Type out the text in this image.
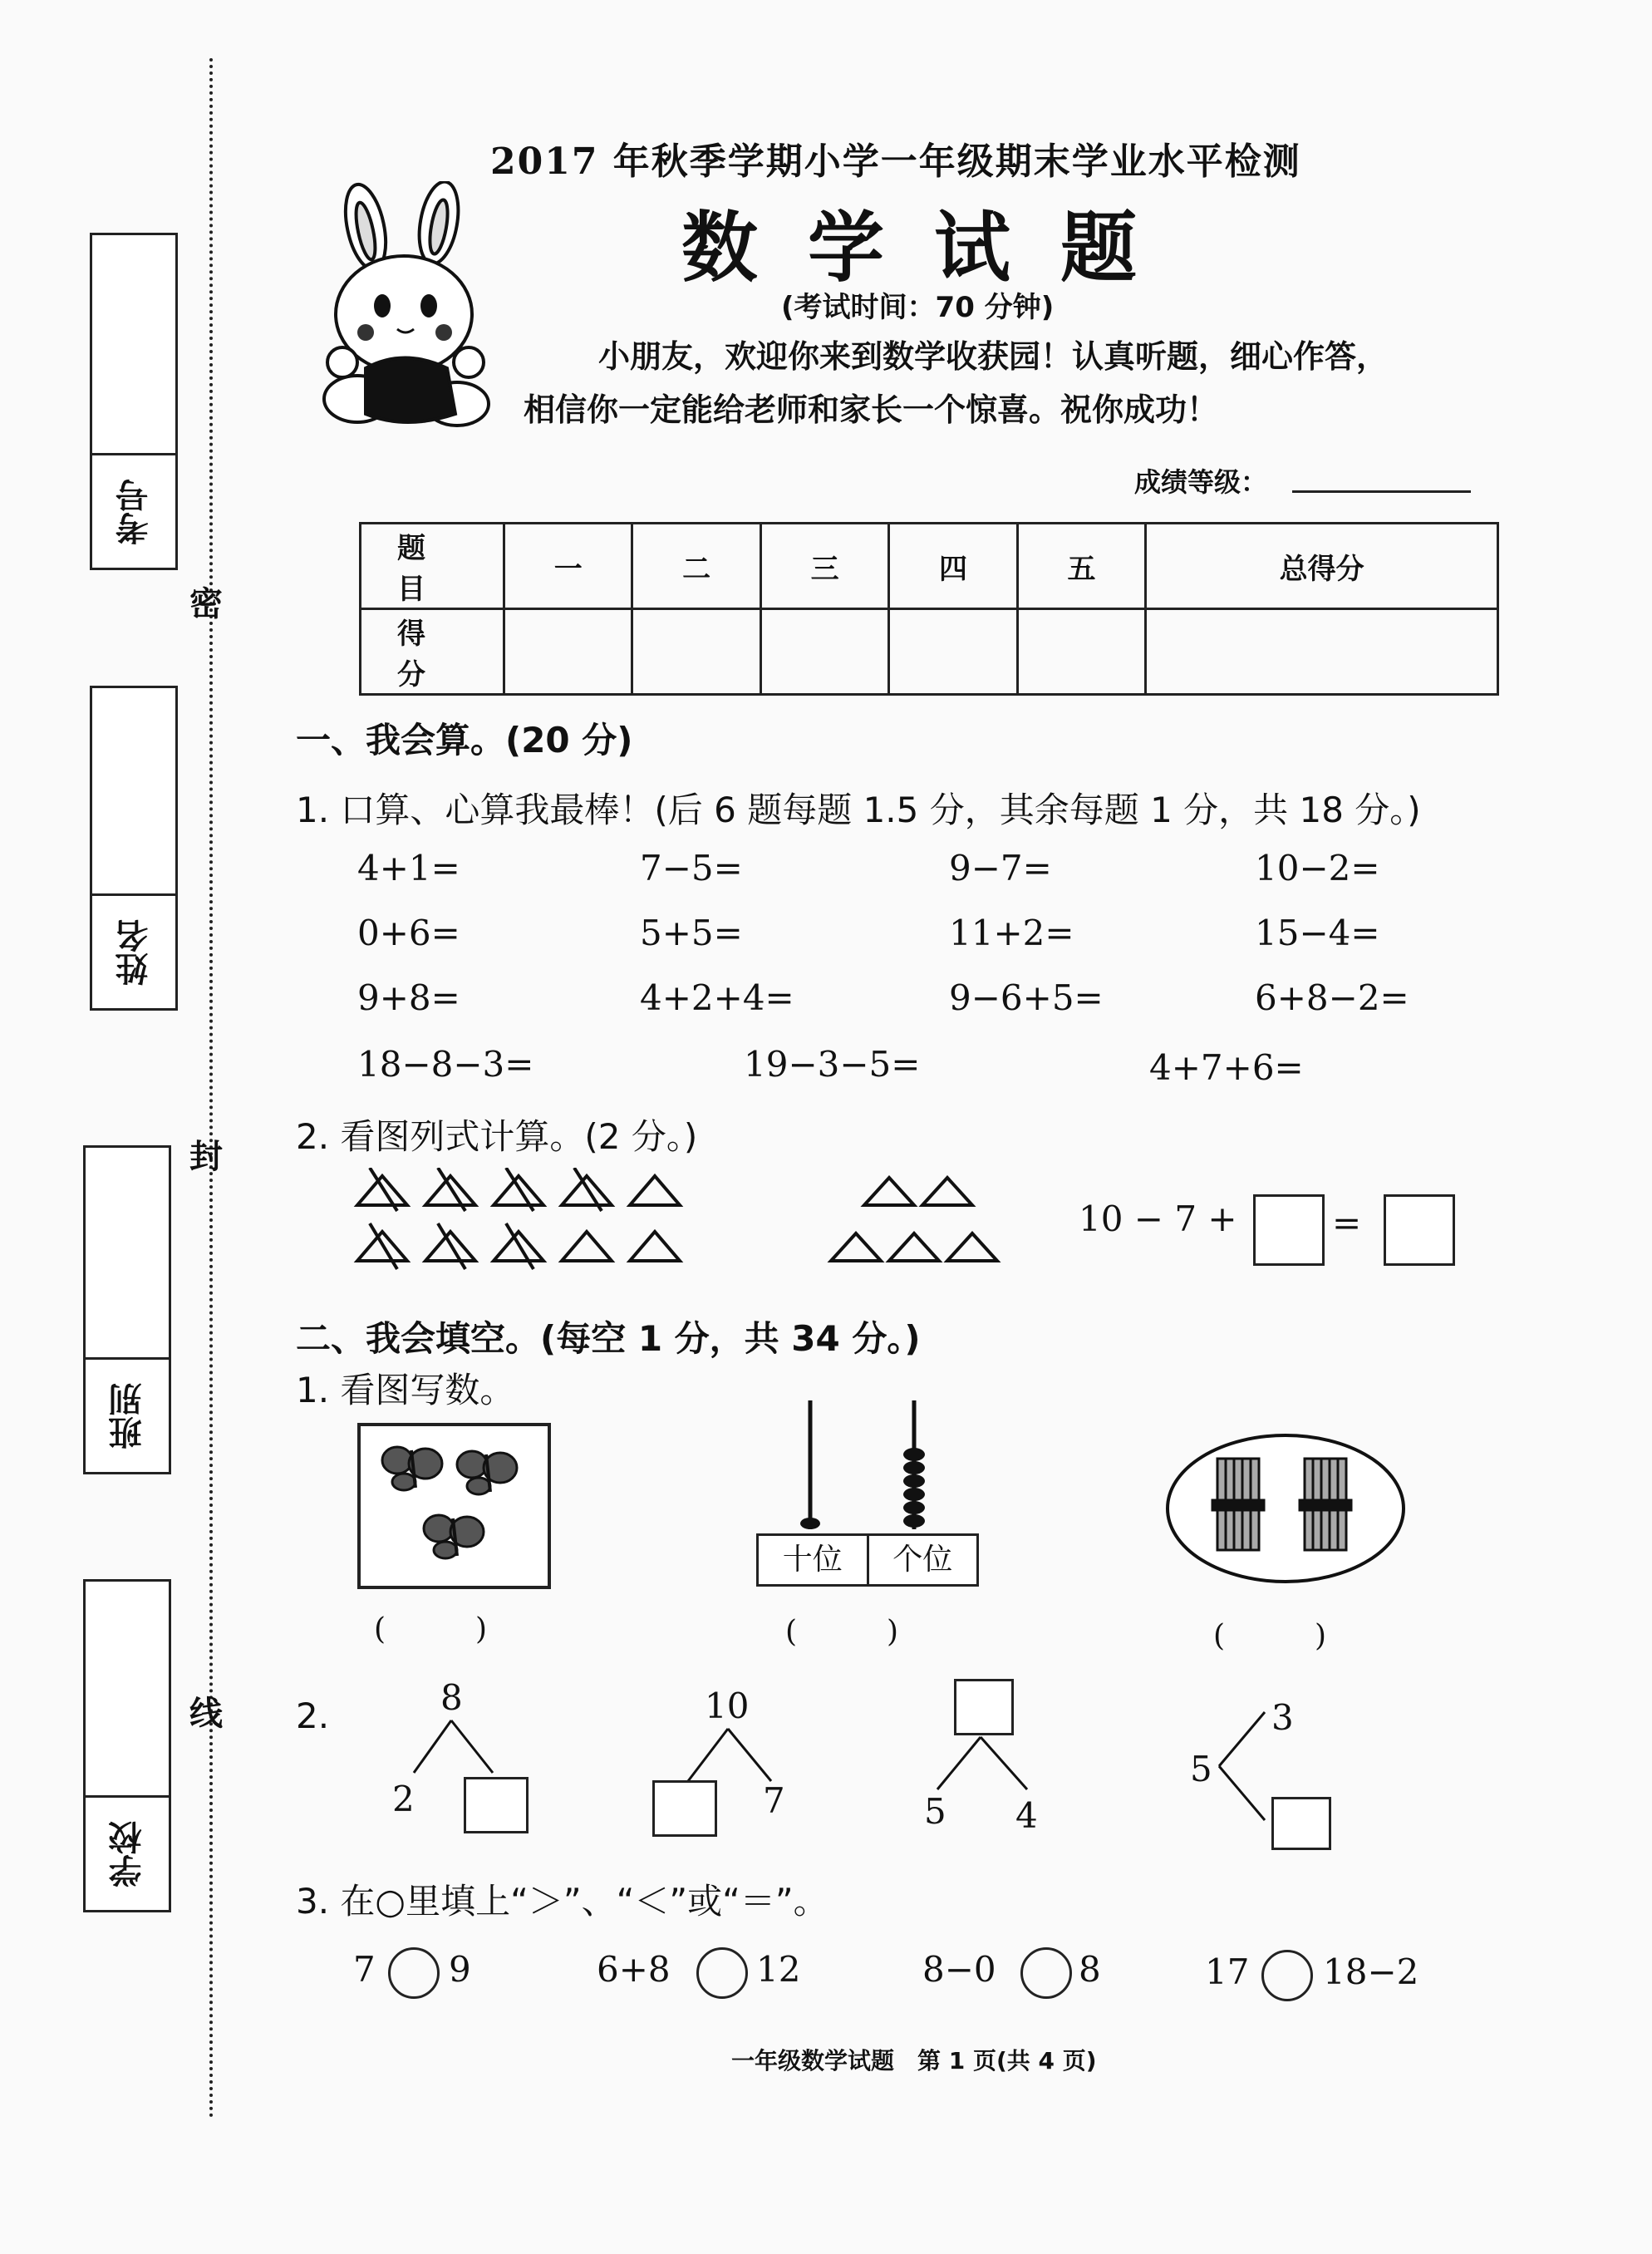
考号
姓名
班别
学校
密
封
线
2017 年秋季学期小学一年级期末学业水平检测
数学试题
(考试时间：70 分钟)
小朋友，欢迎你来到数学收获园！认真听题，细心作答，
相信你一定能给老师和家长一个惊喜。祝你成功！
成绩等级：
题　目	一	二	三	四	五	总得分
得　分						
一、我会算。(20 分)
1. 口算、心算我最棒！(后 6 题每题 1.5 分，其余每题 1 分，共 18 分。)
4+1=	7−5=	9−7=	10−2=
0+6=	5+5=	11+2=	15−4=
9+8=	4+2+4=	9−6+5=	6+8−2=
18−8−3=	19−3−5=	4+7+6=
2. 看图列式计算。(2 分。)
10 − 7 +	=
二、我会填空。(每空 1 分，共 34 分。)
1. 看图写数。
(　　　)
十位	个位
(　　　)	(　　　)
2.	8
2
10
7	5 4
5
3
3. 在○里填上“＞”、“＜”或“＝”。
7 9	6+8 12	8−0 8	17 18−2
一年级数学试题　第 1 页(共 4 页)
